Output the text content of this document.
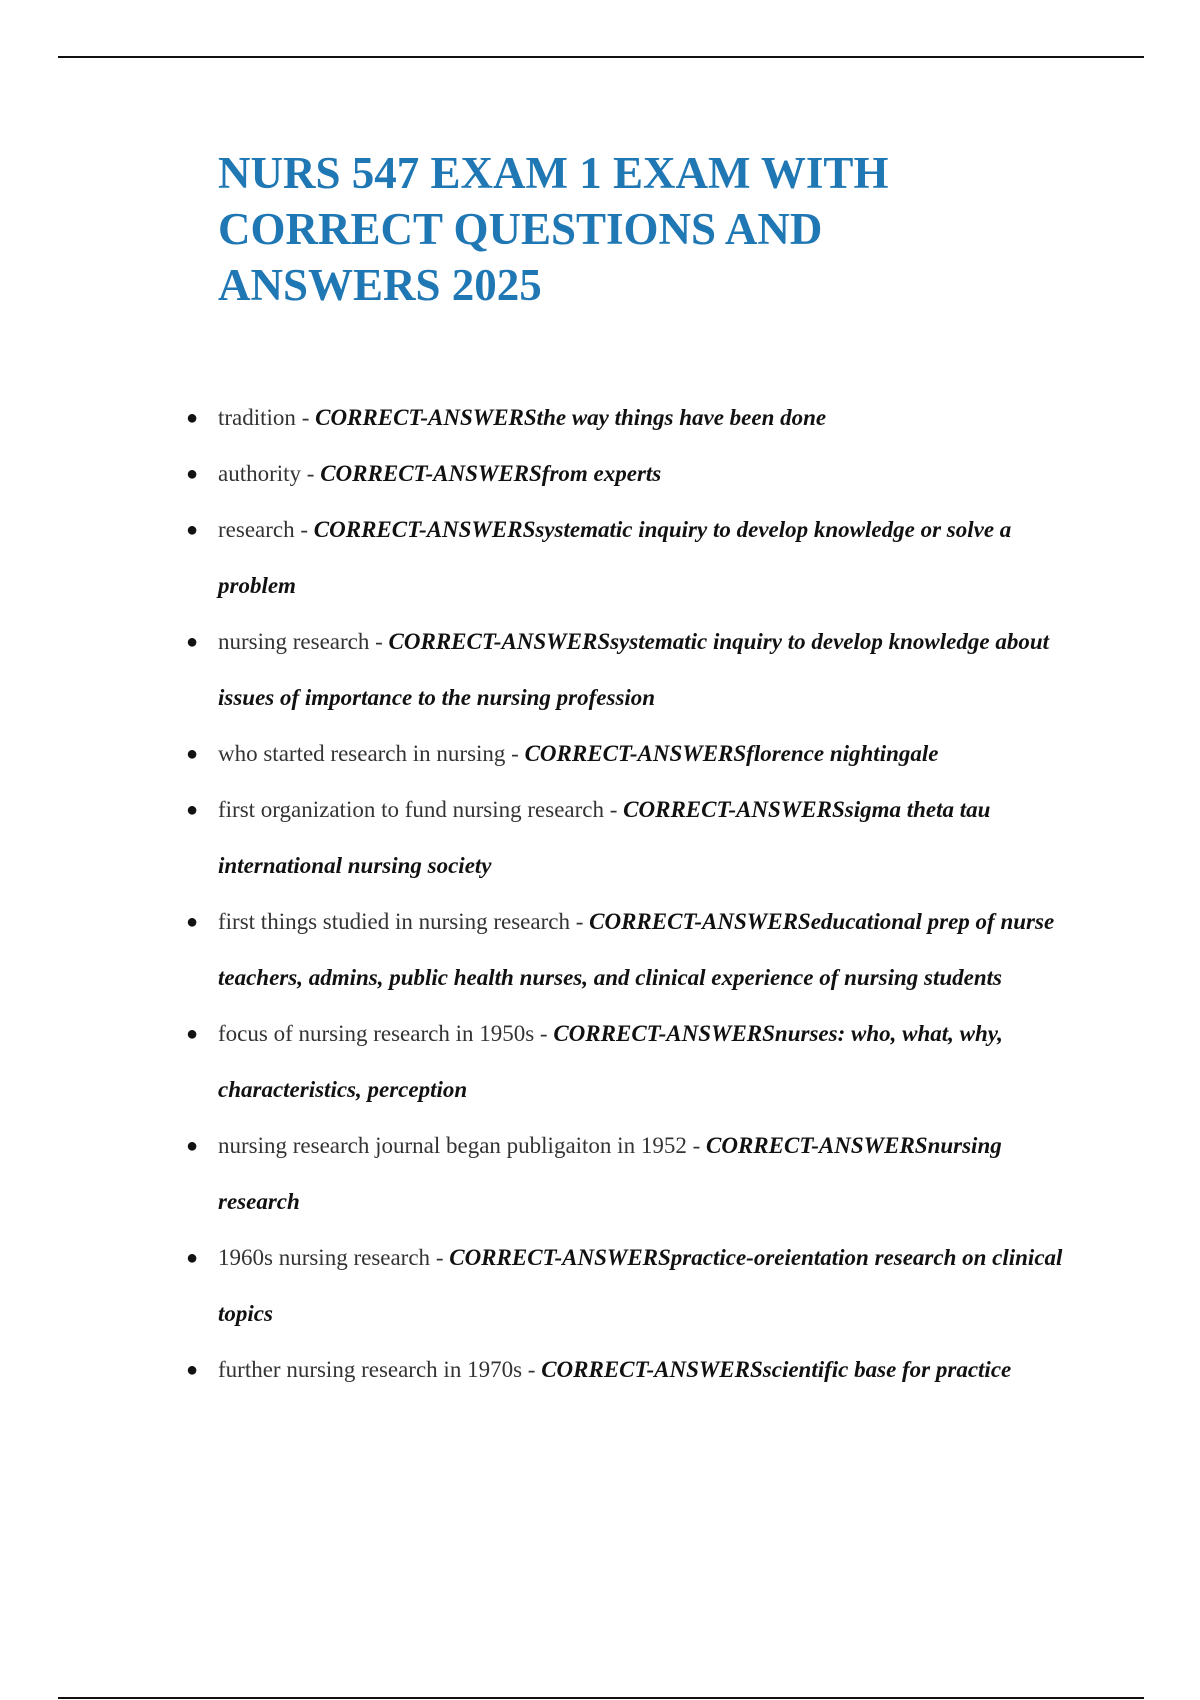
NURS 547 EXAM 1 EXAM WITH
CORRECT QUESTIONS AND
ANSWERS 2025
● tradition - CORRECT-ANSWERSthe way things have been done
● authority - CORRECT-ANSWERSfrom experts
● research - CORRECT-ANSWERSsystematic inquiry to develop knowledge or solve a problem
● nursing research - CORRECT-ANSWERSsystematic inquiry to develop knowledge about issues of importance to the nursing profession
● who started research in nursing - CORRECT-ANSWERSflorence nightingale
● first organization to fund nursing research - CORRECT-ANSWERSsigma theta tau international nursing society
● first things studied in nursing research - CORRECT-ANSWERSeducational prep of nurse teachers, admins, public health nurses, and clinical experience of nursing students
● focus of nursing research in 1950s - CORRECT-ANSWERSnurses: who, what, why, characteristics, perception
● nursing research journal began publigaiton in 1952 - CORRECT-ANSWERSnursing research
● 1960s nursing research - CORRECT-ANSWERSpractice-oreientation research on clinical topics
● further nursing research in 1970s - CORRECT-ANSWERSscientific base for practice
